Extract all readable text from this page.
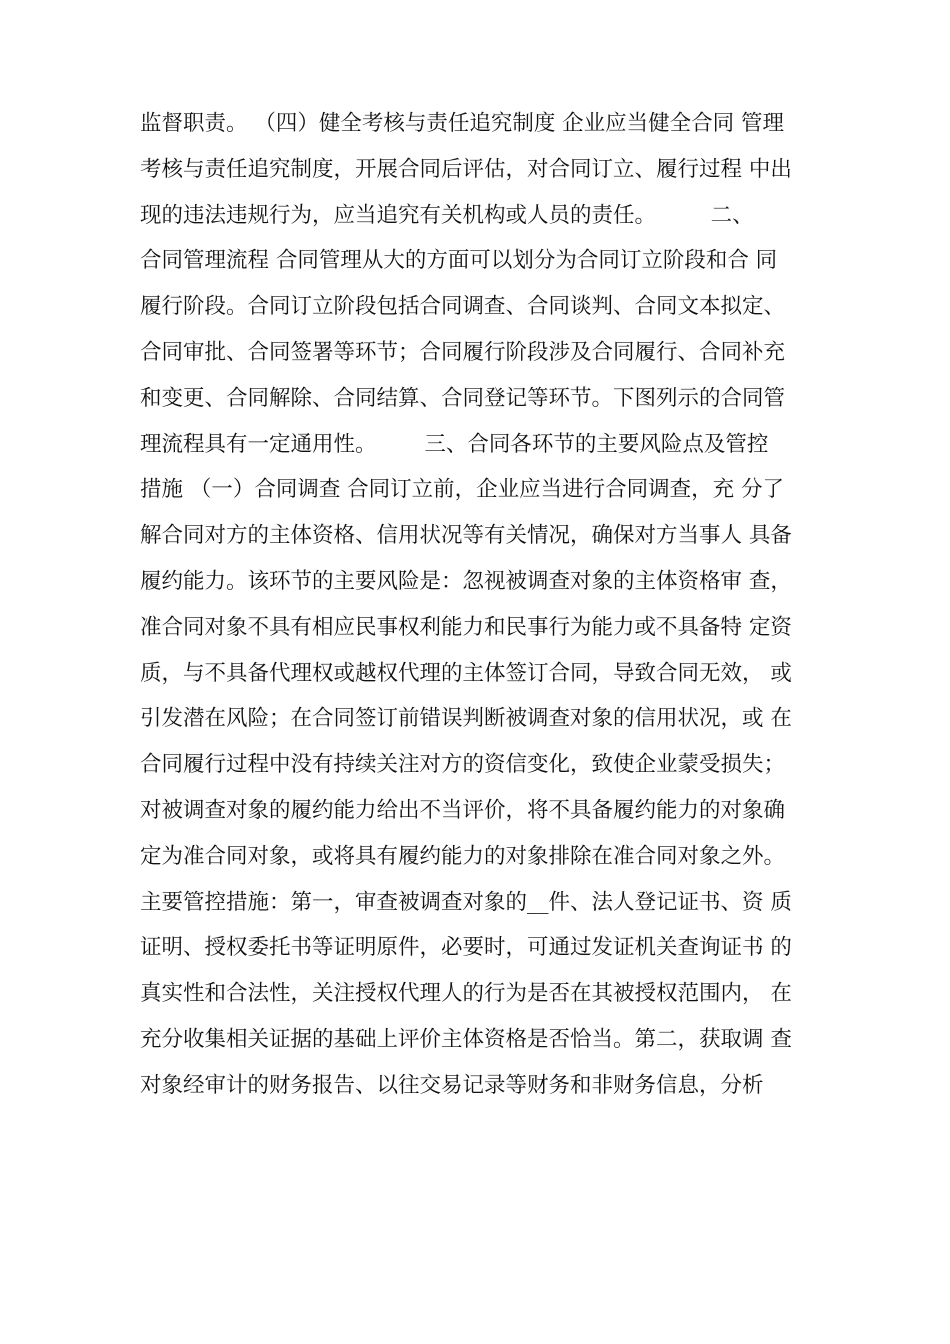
监督职责。 （四）健全考核与责任追究制度 企业应当健全合同 管理
考核与责任追究制度，开展合同后评估，对合同订立、履行过程 中出
现的违法违规行为，应当追究有关机构或人员的责任。        二、
合同管理流程 合同管理从大的方面可以划分为合同订立阶段和合 同
履行阶段。合同订立阶段包括合同调查、合同谈判、合同文本拟定、
合同审批、合同签署等环节；合同履行阶段涉及合同履行、合同补充
和变更、合同解除、合同结算、合同登记等环节。下图列示的合同管
理流程具有一定通用性。       三、合同各环节的主要风险点及管控
措施 （一）合同调查 合同订立前，企业应当进行合同调查，充 分了
解合同对方的主体资格、信用状况等有关情况，确保对方当事人 具备
履约能力。该环节的主要风险是：忽视被调查对象的主体资格审 查，
准合同对象不具有相应民事权利能力和民事行为能力或不具备特 定资
质，与不具备代理权或越权代理的主体签订合同，导致合同无效， 或
引发潜在风险；在合同签订前错误判断被调查对象的信用状况，或 在
合同履行过程中没有持续关注对方的资信变化，致使企业蒙受损失；
对被调查对象的履约能力给出不当评价，将不具备履约能力的对象确
定为准合同对象，或将具有履约能力的对象排除在准合同对象之外。
主要管控措施：第一，审查被调查对象的__件、法人登记证书、资 质
证明、授权委托书等证明原件，必要时，可通过发证机关查询证书 的
真实性和合法性，关注授权代理人的行为是否在其被授权范围内， 在
充分收集相关证据的基础上评价主体资格是否恰当。第二，获取调 查
对象经审计的财务报告、以往交易记录等财务和非财务信息，分析
